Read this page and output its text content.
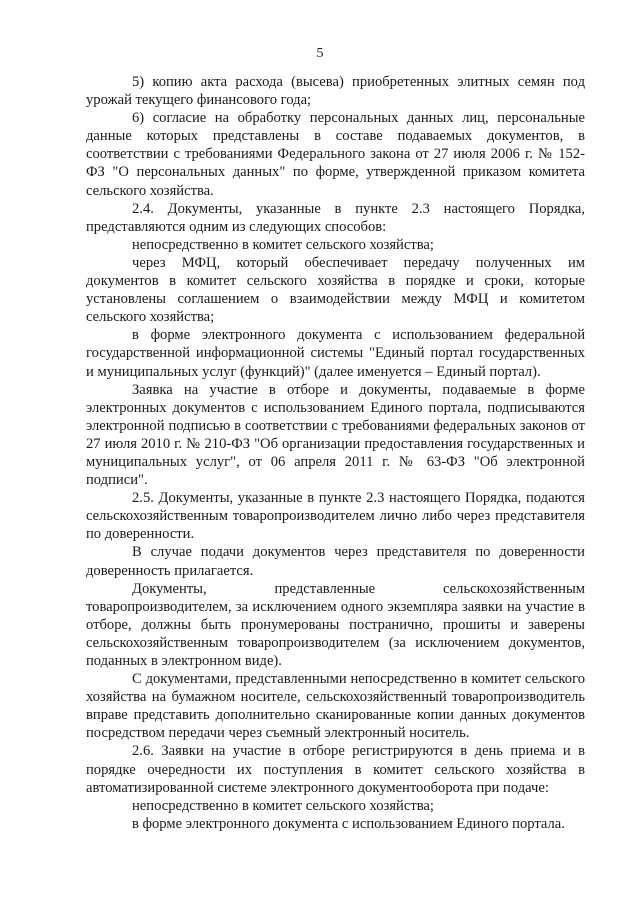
5

5) копию акта расхода (высева) приобретенных элитных семян под урожай текущего финансового года;

6) согласие на обработку персональных данных лиц, персональные данные которых представлены в составе подаваемых документов, в соответствии с требованиями Федерального закона от 27 июля 2006 г. № 152-ФЗ "О персональных данных" по форме, утвержденной приказом комитета сельского хозяйства.

2.4. Документы, указанные в пункте 2.3 настоящего Порядка, представляются одним из следующих способов:

непосредственно в комитет сельского хозяйства;

через МФЦ, который обеспечивает передачу полученных им документов в комитет сельского хозяйства в порядке и сроки, которые установлены соглашением о взаимодействии между МФЦ и комитетом сельского хозяйства;

в форме электронного документа с использованием федеральной государственной информационной системы "Единый портал государственных и муниципальных услуг (функций)" (далее именуется – Единый портал).

Заявка на участие в отборе и документы, подаваемые в форме электронных документов с использованием Единого портала, подписываются электронной подписью в соответствии с требованиями федеральных законов от 27 июля 2010 г. № 210-ФЗ "Об организации предоставления государственных и муниципальных услуг", от 06 апреля 2011 г. № 63-ФЗ "Об электронной подписи".

2.5. Документы, указанные в пункте 2.3 настоящего Порядка, подаются сельскохозяйственным товаропроизводителем лично либо через представителя по доверенности.

В случае подачи документов через представителя по доверенности доверенность прилагается.

Документы, представленные сельскохозяйственным товаропроизводителем, за исключением одного экземпляра заявки на участие в отборе, должны быть пронумерованы постранично, прошиты и заверены сельскохозяйственным товаропроизводителем (за исключением документов, поданных в электронном виде).

С документами, представленными непосредственно в комитет сельского хозяйства на бумажном носителе, сельскохозяйственный товаропроизводитель вправе представить дополнительно сканированные копии данных документов посредством передачи через съемный электронный носитель.

2.6. Заявки на участие в отборе регистрируются в день приема и в порядке очередности их поступления в комитет сельского хозяйства в автоматизированной системе электронного документооборота при подаче:

непосредственно в комитет сельского хозяйства;

в форме электронного документа с использованием Единого портала.
